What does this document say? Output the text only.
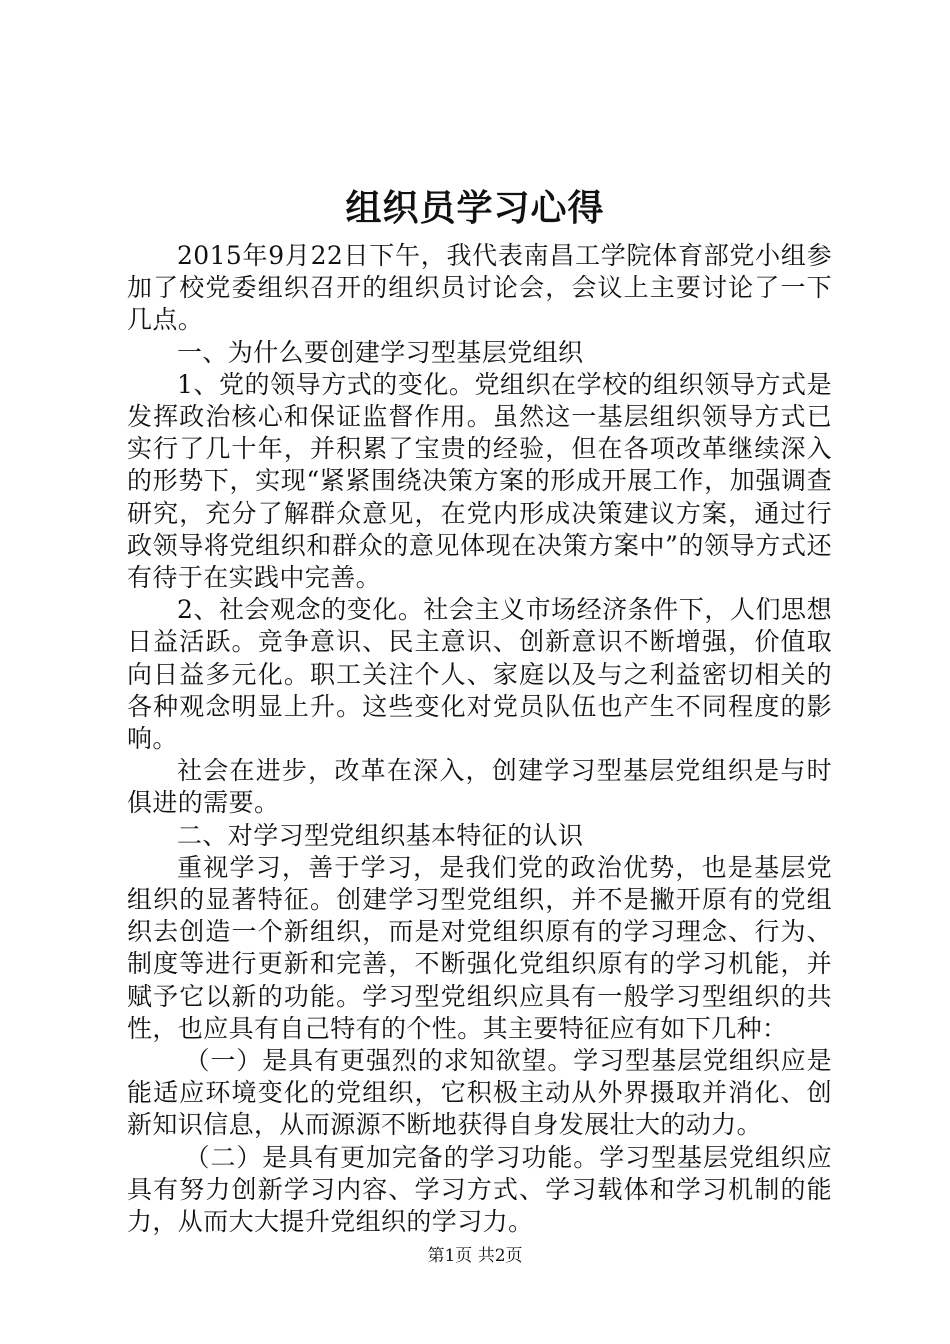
组织员学习心得

2015年9月22日下午，我代表南昌工学院体育部党小组参加了校党委组织召开的组织员讨论会，会议上主要讨论了一下几点。

一、为什么要创建学习型基层党组织

1、党的领导方式的变化。党组织在学校的组织领导方式是发挥政治核心和保证监督作用。虽然这一基层组织领导方式已实行了几十年，并积累了宝贵的经验，但在各项改革继续深入的形势下，实现“紧紧围绕决策方案的形成开展工作，加强调查研究，充分了解群众意见，在党内形成决策建议方案，通过行政领导将党组织和群众的意见体现在决策方案中”的领导方式还有待于在实践中完善。

2、社会观念的变化。社会主义市场经济条件下，人们思想日益活跃。竞争意识、民主意识、创新意识不断增强，价值取向日益多元化。职工关注个人、家庭以及与之利益密切相关的各种观念明显上升。这些变化对党员队伍也产生不同程度的影响。

社会在进步，改革在深入，创建学习型基层党组织是与时俱进的需要。

二、对学习型党组织基本特征的认识

重视学习，善于学习，是我们党的政治优势，也是基层党组织的显著特征。创建学习型党组织，并不是撇开原有的党组织去创造一个新组织，而是对党组织原有的学习理念、行为、制度等进行更新和完善，不断强化党组织原有的学习机能，并赋予它以新的功能。学习型党组织应具有一般学习型组织的共性，也应具有自己特有的个性。其主要特征应有如下几种：

（一）是具有更强烈的求知欲望。学习型基层党组织应是能适应环境变化的党组织，它积极主动从外界摄取并消化、创新知识信息，从而源源不断地获得自身发展壮大的动力。

（二）是具有更加完备的学习功能。学习型基层党组织应具有努力创新学习内容、学习方式、学习载体和学习机制的能力，从而大大提升党组织的学习力。

第1页 共2页
